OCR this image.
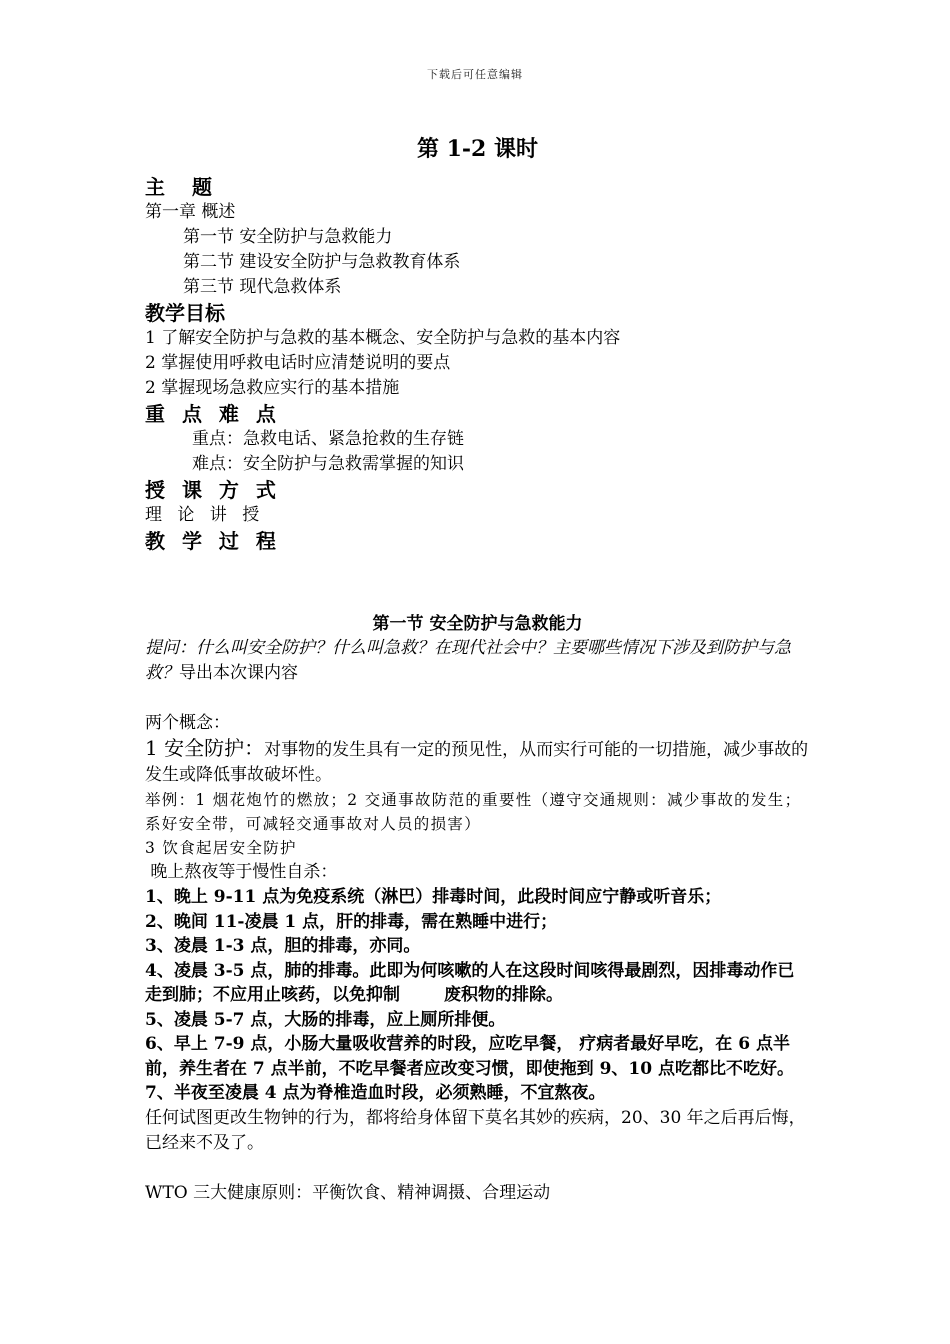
下载后可任意编辑
第 1-2 课时
主 题
第一章 概述
第一节 安全防护与急救能力
第二节 建设安全防护与急救教育体系
第三节 现代急救体系
教学目标
1 了解安全防护与急救的基本概念、安全防护与急救的基本内容
2 掌握使用呼救电话时应清楚说明的要点
2 掌握现场急救应实行的基本措施
重 点 难 点
重点：急救电话、紧急抢救的生存链
难点：安全防护与急救需掌握的知识
授 课 方 式
理 论 讲 授
教 学 过 程
第一节 安全防护与急救能力
提问：什么叫安全防护？什么叫急救？在现代社会中？主要哪些情况下涉及到防护与急救？导出本次课内容
两个概念：
1 安全防护：对事物的发生具有一定的预见性，从而实行可能的一切措施，减少事故的发生或降低事故破坏性。
举例：1 烟花炮竹的燃放；2 交通事故防范的重要性（遵守交通规则：减少事故的发生；系好安全带，可减轻交通事故对人员的损害）
3 饮食起居安全防护
晚上熬夜等于慢性自杀：
1、晚上 9-11 点为免疫系统（淋巴）排毒时间，此段时间应宁静或听音乐；
2、晚间 11-凌晨 1 点，肝的排毒，需在熟睡中进行；
3、凌晨 1-3 点，胆的排毒，亦同。
4、凌晨 3-5 点，肺的排毒。此即为何咳嗽的人在这段时间咳得最剧烈，因排毒动作已走到肺；不应用止咳药，以免抑制	废积物的排除。
5、凌晨 5-7 点，大肠的排毒，应上厕所排便。
6、早上 7-9 点，小肠大量吸收营养的时段，应吃早餐， 疗病者最好早吃，在 6 点半前，养生者在 7 点半前，不吃早餐者应改变习惯，即使拖到 9、10 点吃都比不吃好。
7、半夜至凌晨 4 点为脊椎造血时段，必须熟睡，不宜熬夜。
任何试图更改生物钟的行为，都将给身体留下莫名其妙的疾病，20、30 年之后再后悔，已经来不及了。
WTO 三大健康原则：平衡饮食、精神调摄、合理运动
